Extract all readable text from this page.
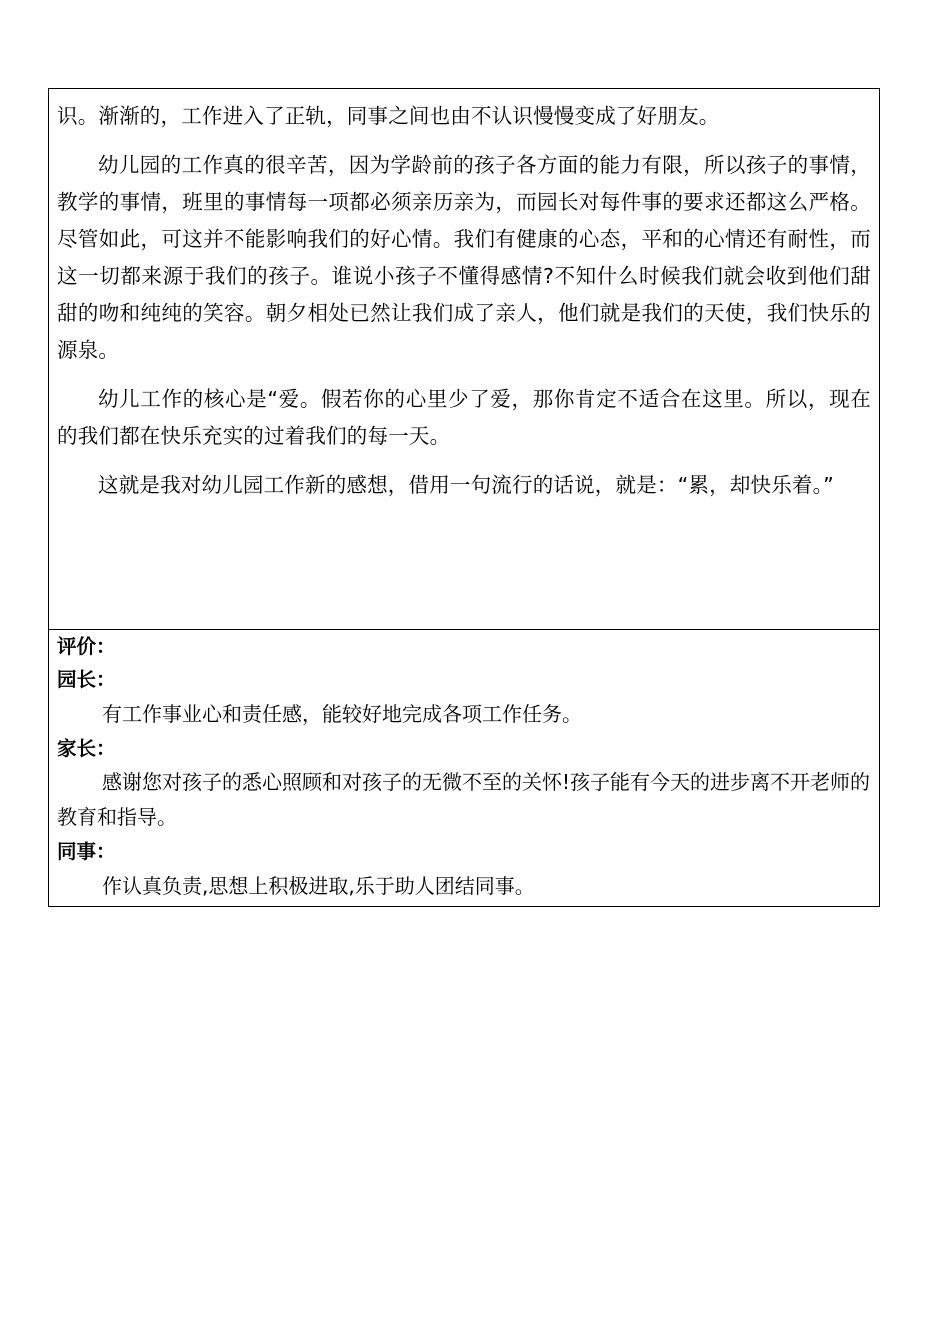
识。渐渐的，工作进入了正轨，同事之间也由不认识慢慢变成了好朋友。

幼儿园的工作真的很辛苦，因为学龄前的孩子各方面的能力有限，所以孩子的事情，教学的事情，班里的事情每一项都必须亲历亲为，而园长对每件事的要求还都这么严格。尽管如此，可这并不能影响我们的好心情。我们有健康的心态，平和的心情还有耐性，而这一切都来源于我们的孩子。谁说小孩子不懂得感情?不知什么时候我们就会收到他们甜甜的吻和纯纯的笑容。朝夕相处已然让我们成了亲人，他们就是我们的天使，我们快乐的源泉。

幼儿工作的核心是“爱。假若你的心里少了爱，那你肯定不适合在这里。所以，现在的我们都在快乐充实的过着我们的每一天。

这就是我对幼儿园工作新的感想，借用一句流行的话说，就是：“累，却快乐着。”

评价：

园长：

有工作事业心和责任感，能较好地完成各项工作任务。

家长：

感谢您对孩子的悉心照顾和对孩子的无微不至的关怀!孩子能有今天的进步离不开老师的教育和指导。

同事：

作认真负责,思想上积极进取,乐于助人团结同事。
